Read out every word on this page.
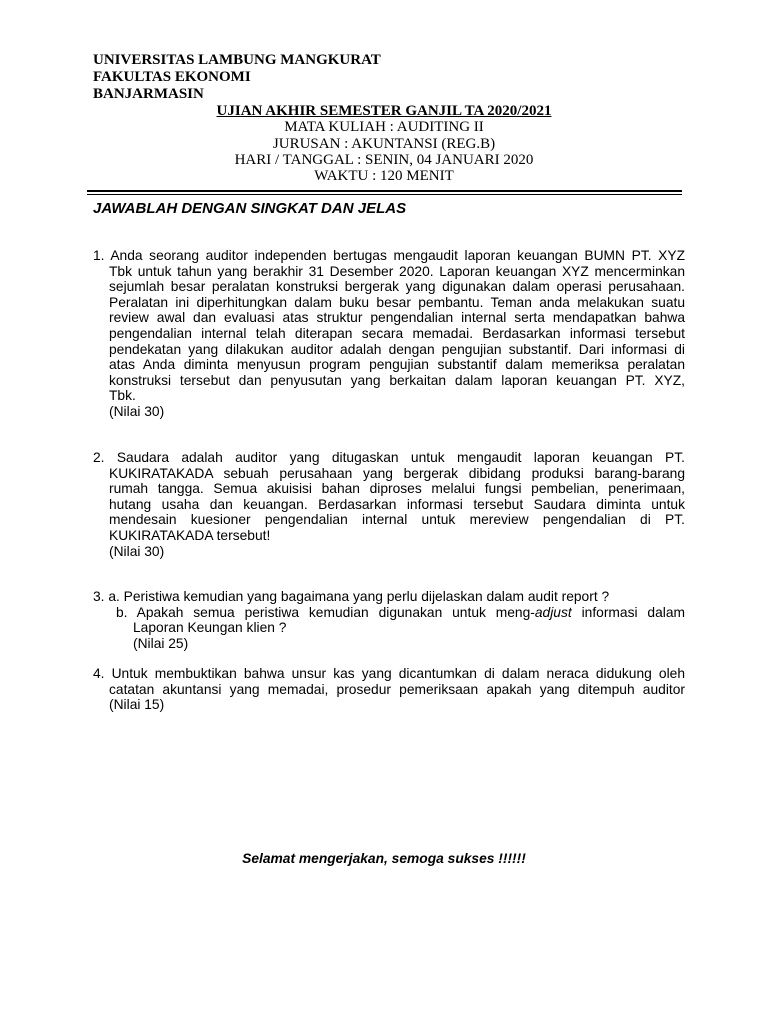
UNIVERSITAS LAMBUNG MANGKURAT
FAKULTAS EKONOMI
BANJARMASIN
UJIAN AKHIR SEMESTER GANJIL TA 2020/2021
MATA KULIAH : AUDITING II
JURUSAN : AKUNTANSI (REG.B)
HARI / TANGGAL : SENIN, 04 JANUARI 2020
WAKTU : 120 MENIT
JAWABLAH DENGAN SINGKAT DAN JELAS
1. Anda seorang auditor independen bertugas mengaudit laporan keuangan BUMN PT. XYZ
Tbk untuk tahun yang berakhir 31 Desember 2020. Laporan keuangan XYZ mencerminkan
sejumlah besar peralatan konstruksi bergerak yang digunakan dalam operasi perusahaan.
Peralatan ini diperhitungkan dalam buku besar pembantu. Teman anda melakukan suatu
review awal dan evaluasi atas struktur pengendalian internal serta mendapatkan bahwa
pengendalian internal telah diterapan secara memadai. Berdasarkan informasi tersebut
pendekatan yang dilakukan auditor adalah dengan pengujian substantif. Dari informasi di
atas Anda diminta menyusun program pengujian substantif dalam memeriksa peralatan
konstruksi tersebut dan penyusutan yang berkaitan dalam laporan keuangan PT. XYZ,
Tbk.
(Nilai 30)
2. Saudara adalah auditor yang ditugaskan untuk mengaudit laporan keuangan PT.
KUKIRATAKADA sebuah perusahaan yang bergerak dibidang produksi barang-barang
rumah tangga. Semua akuisisi bahan diproses melalui fungsi pembelian, penerimaan,
hutang usaha dan keuangan. Berdasarkan informasi tersebut Saudara diminta untuk
mendesain kuesioner pengendalian internal untuk mereview pengendalian di PT.
KUKIRATAKADA tersebut!
(Nilai 30)
3. a. Peristiwa kemudian yang bagaimana yang perlu dijelaskan dalam audit report ?
b. Apakah semua peristiwa kemudian digunakan untuk meng-adjust informasi dalam
Laporan Keungan klien ?
(Nilai 25)
4. Untuk membuktikan bahwa unsur kas yang dicantumkan di dalam neraca didukung oleh
catatan akuntansi yang memadai, prosedur pemeriksaan apakah yang ditempuh auditor
(Nilai 15)
Selamat mengerjakan, semoga sukses !!!!!!
